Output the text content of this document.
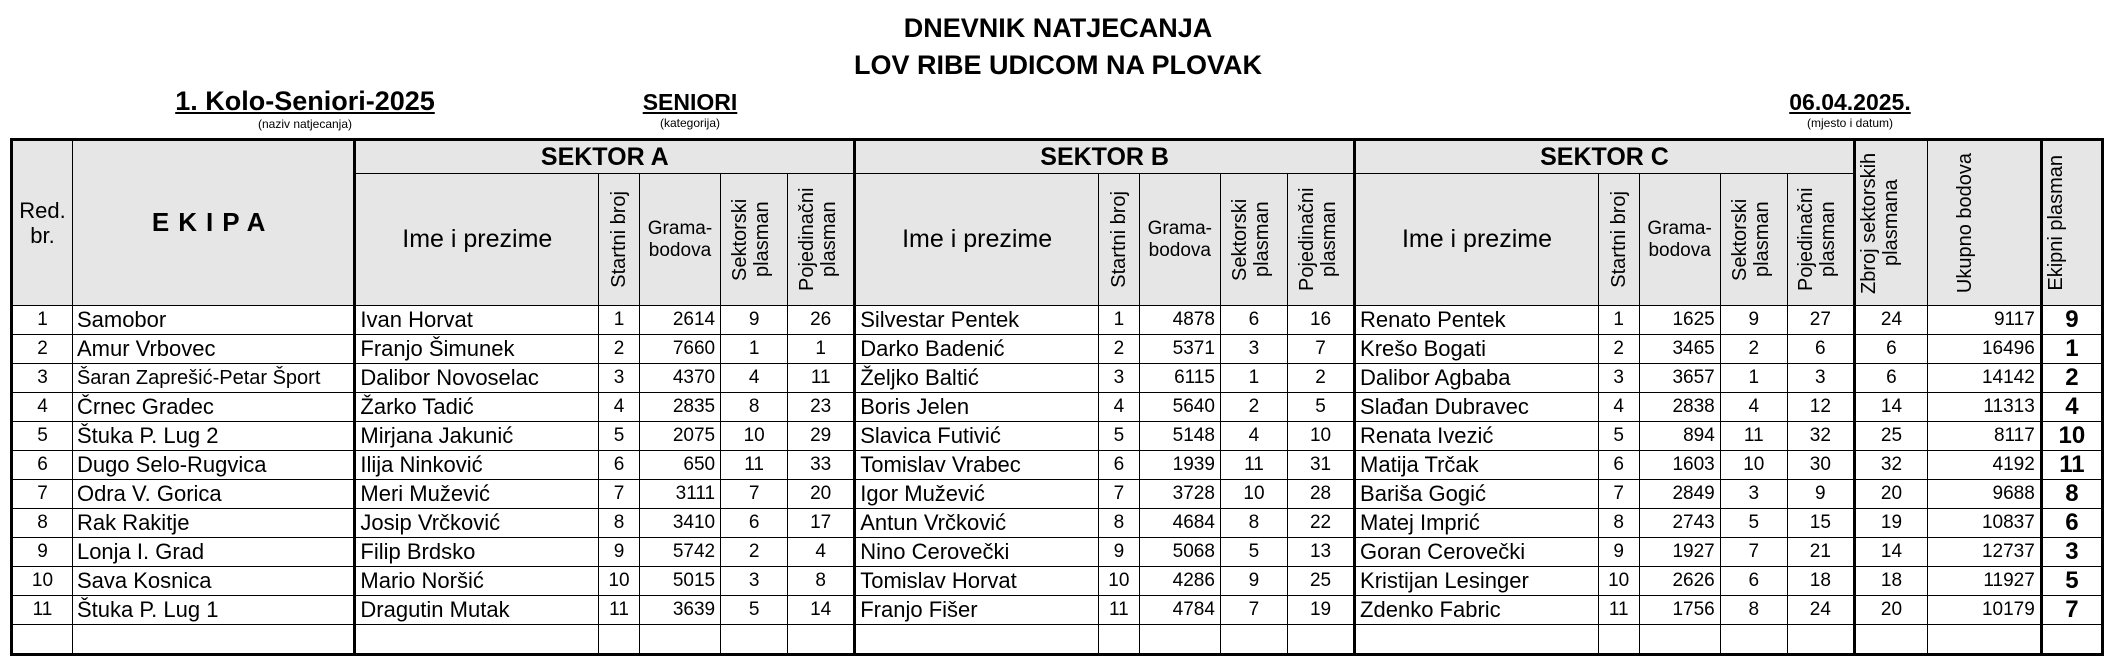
DNEVNIK NATJECANJA
LOV RIBE UDICOM NA PLOVAK
1. Kolo-Seniori-2025
(naziv natjecanja)
SENIORI
(kategorija)
06.04.2025.
(mjesto i datum)
Red. br.	EKIPA	SEKTOR A					SEKTOR B					SEKTOR C					Zbroj sektorskih plasmana	Ukupno bodova	Ekipni plasman

		Ime i prezime	Startni broj	Grama- bodova	Sektorski plasman	Pojedinačni plasman	Ime i prezime	Startni broj	Grama- bodova	Sektorski plasman	Pojedinačni plasman	Ime i prezime	Startni broj	Grama- bodova	Sektorski plasman	Pojedinačni plasman			

1	Samobor	Ivan Horvat	1	2614	9	26	Silvestar Pentek	1	4878	6	16	Renato Pentek	1	1625	9	27	24	9117	9
2	Amur Vrbovec	Franjo Šimunek	2	7660	1	1	Darko Badenić	2	5371	3	7	Krešo Bogati	2	3465	2	6	6	16496	1
3	Šaran Zaprešić-Petar Šport	Dalibor Novoselac	3	4370	4	11	Željko Baltić	3	6115	1	2	Dalibor Agbaba	3	3657	1	3	6	14142	2
4	Črnec Gradec	Žarko Tadić	4	2835	8	23	Boris Jelen	4	5640	2	5	Slađan Dubravec	4	2838	4	12	14	11313	4
5	Štuka P. Lug 2	Mirjana Jakunić	5	2075	10	29	Slavica Futivić	5	5148	4	10	Renata Ivezić	5	894	11	32	25	8117	10
6	Dugo Selo-Rugvica	Ilija Ninković	6	650	11	33	Tomislav Vrabec	6	1939	11	31	Matija Trčak	6	1603	10	30	32	4192	11
7	Odra V. Gorica	Meri Mužević	7	3111	7	20	Igor Mužević	7	3728	10	28	Bariša Gogić	7	2849	3	9	20	9688	8
8	Rak Rakitje	Josip Vrčković	8	3410	6	17	Antun Vrčković	8	4684	8	22	Matej Imprić	8	2743	5	15	19	10837	6
9	Lonja I. Grad	Filip Brdsko	9	5742	2	4	Nino Cerovečki	9	5068	5	13	Goran Cerovečki	9	1927	7	21	14	12737	3
10	Sava Kosnica	Mario Noršić	10	5015	3	8	Tomislav Horvat	10	4286	9	25	Kristijan Lesinger	10	2626	6	18	18	11927	5
11	Štuka P. Lug 1	Dragutin Mutak	11	3639	5	14	Franjo Fišer	11	4784	7	19	Zdenko Fabric	11	1756	8	24	20	10179	7
